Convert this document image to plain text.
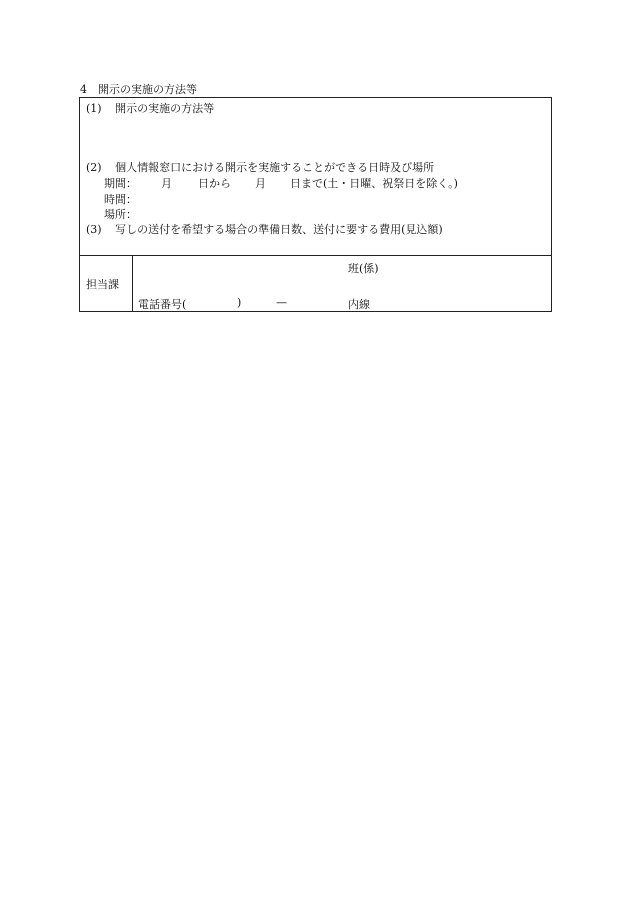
4　開示の実施の方法等
(1) 開示の実施の方法等
(2) 個人情報窓口における開示を実施することができる日時及び場所
期間： 月 日から 月 日まで(土・日曜、祝祭日を除く。)
時間：
場所：
(3) 写しの送付を希望する場合の準備日数、送付に要する費用(見込額)
担当課
班(係)
電話番号(	)	—	内線
